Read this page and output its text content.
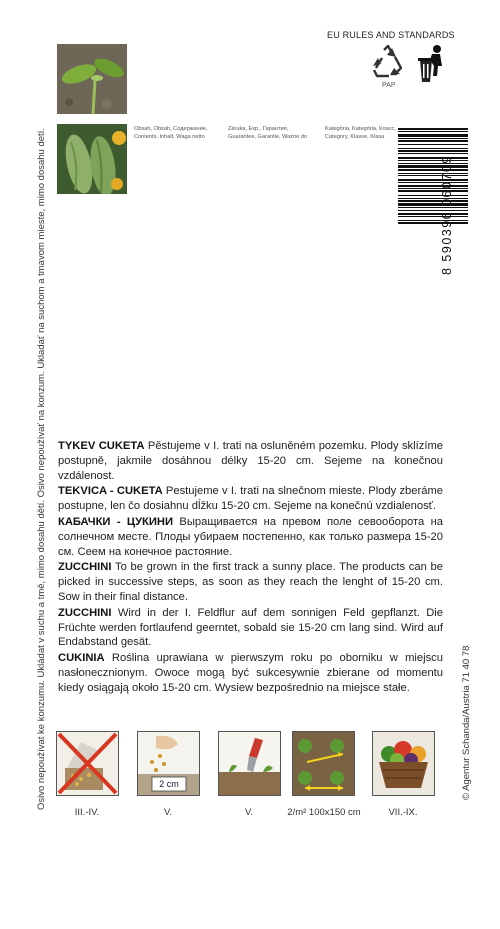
Osivo nepoužívat ke konzumu. Ukládat v suchu a tmě, mimo dosahu dětí. Osivo nepoužívať na konzum. Ukladať na suchom a tmavom mieste, mimo dosahu detí.
EU RULES AND STANDARDS
PAP
Obsah, Obsah, Содержание,
Contents, Inhalt, Waga netto
Záruka, Exp., Гарантия,
Guarantee, Garantie, Ważne do
Kategória, Kategória, Класс,
Category, Klasse, Klasa
8 590396 060709

TYKEV CUKETA Pěstujeme v I. trati na osluněném pozemku. Plody sklízíme postupně, jakmile dosáhnou délky 15-20 cm. Sejeme na konečnou vzdálenost.

TEKVICA - CUKETA Pestujeme v I. trati na slnečnom mieste. Plody zberáme postupne, len čo dosiahnu dĺžku 15-20 cm. Sejeme na konečnú vzdialenosť.

КАБАЧКИ - ЦУКИНИ Выращивается на превом поле севооборота на солнечном месте. Плоды убираем постепенно, как только размера 15-20 см. Сеем на конечное растояние.

ZUCCHINI To be grown in the first track a sunny place. The products can be picked in successive steps, as soon as they reach the lenght of 15-20 cm. Sow in their final distance.

ZUCCHINI Wird in der I. Feldflur auf dem sonnigen Feld gepflanzt. Die Früchte werden fortlaufend geerntet, sobald sie 15-20 cm lang sind. Wird auf Endabstand gesät.

CUKINIA Roślina uprawiana w pierwszym roku po oborniku w miejscu nasłonecznionym. Owoce mogą być sukcesywnie zbierane od momentu kiedy osiągają około 15-20 cm. Wysiew bezpośrednio na miejsce stałe.

2 cm
III.-IV.	V.	V.	2/m² 100x150 cm	VII.-IX.
© Agentur Schanda/Austria 71 40 78
